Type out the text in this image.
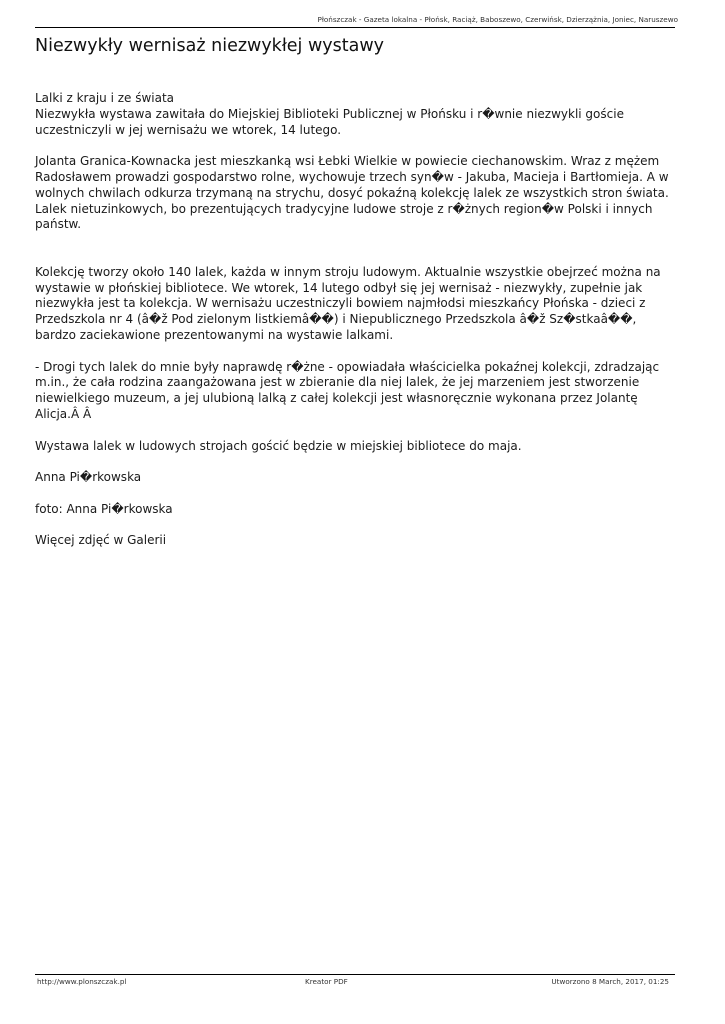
Płońszczak - Gazeta lokalna - Płońsk, Raciąż, Baboszewo, Czerwińsk, Dzierzążnia, Joniec, Naruszewo
Niezwykły wernisaż niezwykłej wystawy

Lalki z kraju i ze świata
Niezwykła wystawa zawitała do Miejskiej Biblioteki Publicznej w Płońsku i r�wnie niezwykli goście
uczestniczyli w jej wernisażu we wtorek, 14 lutego.

Jolanta Granica-Kownacka jest mieszkanką wsi Łebki Wielkie w powiecie ciechanowskim. Wraz z mężem
Radosławem prowadzi gospodarstwo rolne, wychowuje trzech syn�w - Jakuba, Macieja i Bartłomieja. A w
wolnych chwilach odkurza trzymaną na strychu, dosyć pokaźną kolekcję lalek ze wszystkich stron świata.
Lalek nietuzinkowych, bo prezentujących tradycyjne ludowe stroje z r�żnych region�w Polski i innych
państw.

Kolekcję tworzy około 140 lalek, każda w innym stroju ludowym. Aktualnie wszystkie obejrzeć można na
wystawie w płońskiej bibliotece. We wtorek, 14 lutego odbył się jej wernisaż - niezwykły, zupełnie jak
niezwykła jest ta kolekcja. W wernisażu uczestniczyli bowiem najmłodsi mieszkańcy Płońska - dzieci z
Przedszkola nr 4 (â�ž Pod zielonym listkiemâ��) i Niepublicznego Przedszkola â�ž Sz�stkaâ��,
bardzo zaciekawione prezentowanymi na wystawie lalkami.

- Drogi tych lalek do mnie były naprawdę r�żne - opowiadała właścicielka pokaźnej kolekcji, zdradzając
m.in., że cała rodzina zaangażowana jest w zbieranie dla niej lalek, że jej marzeniem jest stworzenie
niewielkiego muzeum, a jej ulubioną lalką z całej kolekcji jest własnoręcznie wykonana przez Jolantę
Alicja.Â Â

Wystawa lalek w ludowych strojach gościć będzie w miejskiej bibliotece do maja.

Anna Pi�rkowska

foto: Anna Pi�rkowska

Więcej zdjęć w Galerii

http://www.plonszczak.pl	Kreator PDF	Utworzono 8 March, 2017, 01:25
